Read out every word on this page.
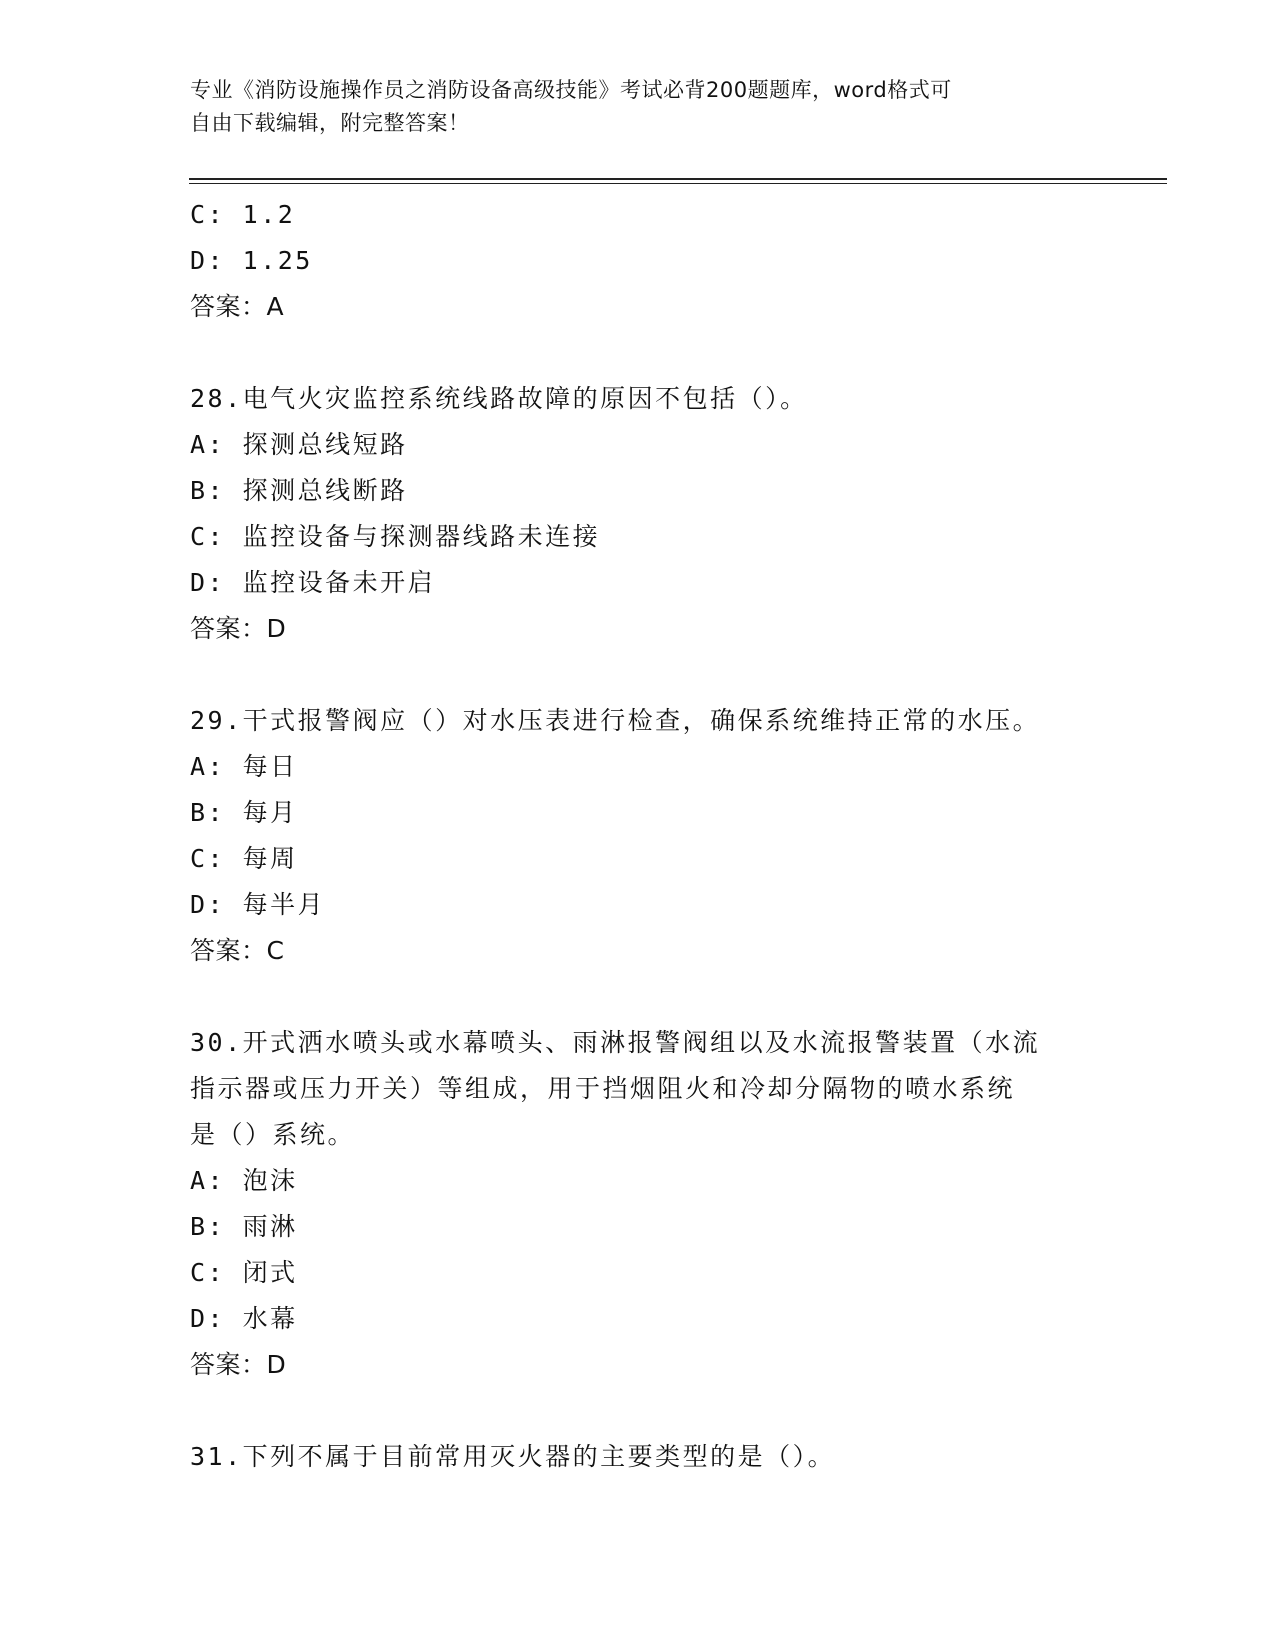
专业《消防设施操作员之消防设备高级技能》考试必背200题题库，word格式可
自由下载编辑，附完整答案！
C: 1.2
D: 1.25
答案：A
28.电气火灾监控系统线路故障的原因不包括（）。
A: 探测总线短路
B: 探测总线断路
C: 监控设备与探测器线路未连接
D: 监控设备未开启
答案：D
29.干式报警阀应（）对水压表进行检查，确保系统维持正常的水压。
A: 每日
B: 每月
C: 每周
D: 每半月
答案：C
30.开式洒水喷头或水幕喷头、雨淋报警阀组以及水流报警装置（水流
指示器或压力开关）等组成，用于挡烟阻火和冷却分隔物的喷水系统
是（）系统。
A: 泡沫
B: 雨淋
C: 闭式
D: 水幕
答案：D
31.下列不属于目前常用灭火器的主要类型的是（）。
